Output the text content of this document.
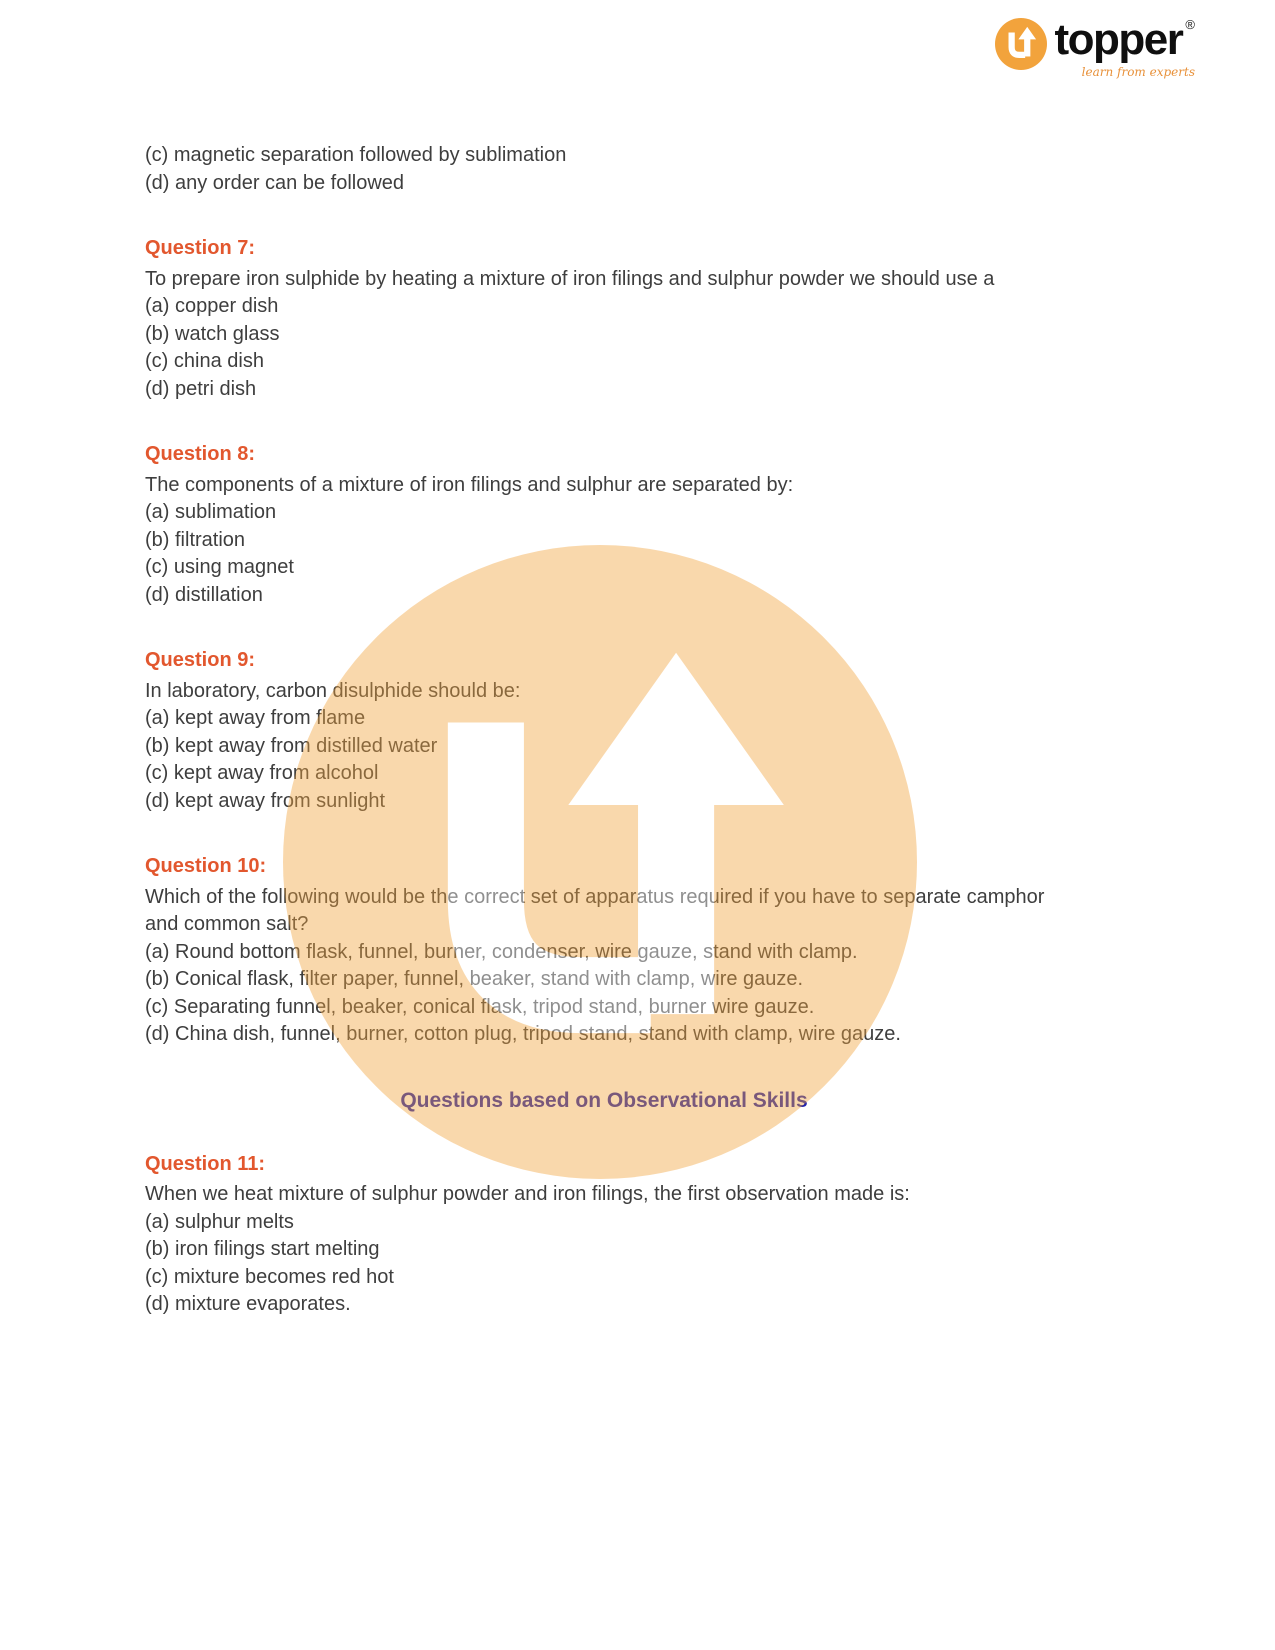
topper ®
learn from experts

(c) magnetic separation followed by sublimation

(d) any order can be followed

Question 7:

To prepare iron sulphide by heating a mixture of iron filings and sulphur powder we should use a

(a) copper dish

(b) watch glass

(c) china dish

(d) petri dish

Question 8:

The components of a mixture of iron filings and sulphur are separated by:

(a) sublimation

(b) filtration

(c) using magnet

(d) distillation

Question 9:

In laboratory, carbon disulphide should be:

(a) kept away from flame

(b) kept away from distilled water

(c) kept away from alcohol

(d) kept away from sunlight

Question 10:

Which of the following would be the correct set of apparatus required if you have to separate camphor and common salt?

(a) Round bottom flask, funnel, burner, condenser, wire gauze, stand with clamp.

(b) Conical flask, filter paper, funnel, beaker, stand with clamp, wire gauze.

(c) Separating funnel, beaker, conical flask, tripod stand, burner wire gauze.

(d) China dish, funnel, burner, cotton plug, tripod stand, stand with clamp, wire gauze.

Questions based on Observational Skills
Question 11:

When we heat mixture of sulphur powder and iron filings, the first observation made is:

(a) sulphur melts

(b) iron filings start melting

(c) mixture becomes red hot

(d) mixture evaporates.
